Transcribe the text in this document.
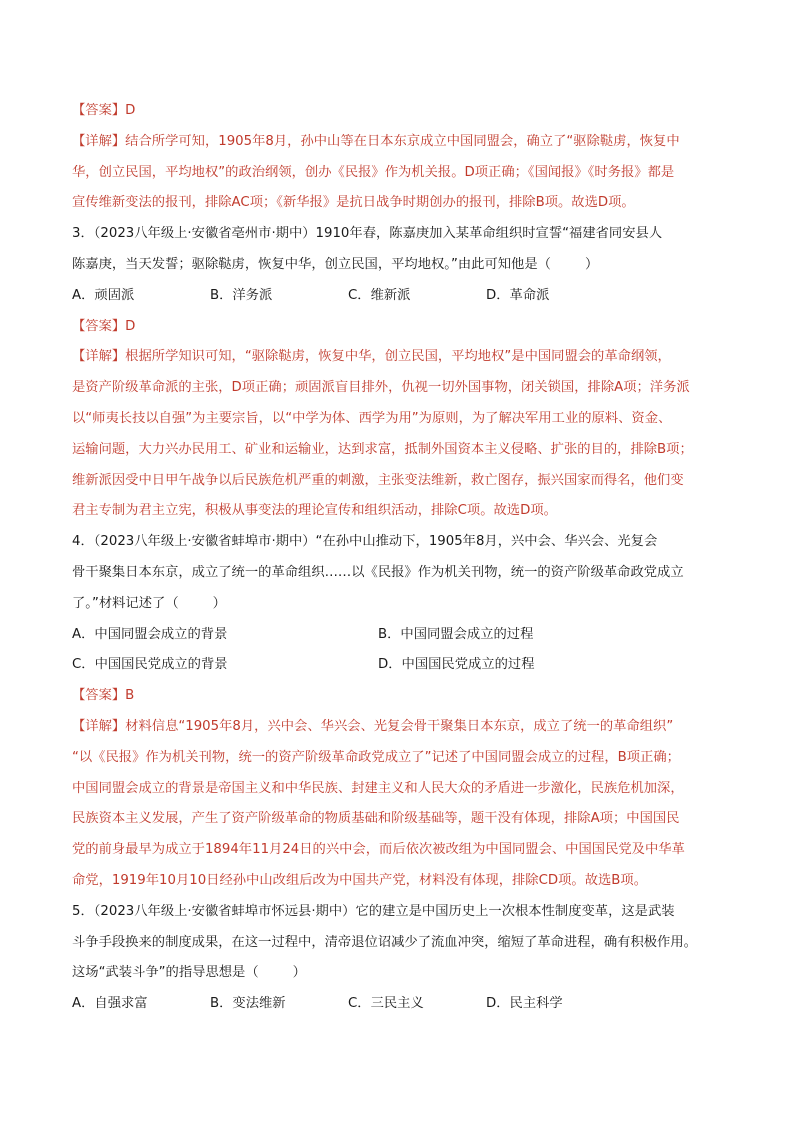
【答案】D
【详解】结合所学可知，1905年8月，孙中山等在日本东京成立中国同盟会，确立了“驱除鞑虏，恢复中
华，创立民国，平均地权”的政治纲领，创办《民报》作为机关报。D项正确；《国闻报》《时务报》都是
宣传维新变法的报刊，排除AC项；《新华报》是抗日战争时期创办的报刊，排除B项。故选D项。
3．（2023八年级上·安徽省亳州市·期中）1910年春，陈嘉庚加入某革命组织时宣誓“福建省同安县人
陈嘉庚，当天发誓；驱除鞑虏，恢复中华，创立民国，平均地权。”由此可知他是（	）
A．顽固派	B．洋务派	C．维新派	D．革命派
【答案】D
【详解】根据所学知识可知，“驱除鞑虏，恢复中华，创立民国，平均地权”是中国同盟会的革命纲领，
是资产阶级革命派的主张，D项正确；顽固派盲目排外，仇视一切外国事物，闭关锁国，排除A项；洋务派
以“师夷长技以自强”为主要宗旨，以“中学为体、西学为用”为原则，为了解决军用工业的原料、资金、
运输问题，大力兴办民用工、矿业和运输业，达到求富，抵制外国资本主义侵略、扩张的目的，排除B项；
维新派因受中日甲午战争以后民族危机严重的刺激，主张变法维新，救亡图存，振兴国家而得名，他们变
君主专制为君主立宪，积极从事变法的理论宣传和组织活动，排除C项。故选D项。
4．（2023八年级上·安徽省蚌埠市·期中）“在孙中山推动下，1905年8月，兴中会、华兴会、光复会
骨干聚集日本东京，成立了统一的革命组织……以《民报》作为机关刊物，统一的资产阶级革命政党成立
了。”材料记述了（	）
A．中国同盟会成立的背景	B．中国同盟会成立的过程
C．中国国民党成立的背景	D．中国国民党成立的过程
【答案】B
【详解】材料信息“1905年8月，兴中会、华兴会、光复会骨干聚集日本东京，成立了统一的革命组织”
“以《民报》作为机关刊物，统一的资产阶级革命政党成立了”记述了中国同盟会成立的过程，B项正确；
中国同盟会成立的背景是帝国主义和中华民族、封建主义和人民大众的矛盾进一步激化，民族危机加深，
民族资本主义发展，产生了资产阶级革命的物质基础和阶级基础等，题干没有体现，排除A项；中国国民
党的前身最早为成立于1894年11月24日的兴中会，而后依次被改组为中国同盟会、中国国民党及中华革
命党，1919年10月10日经孙中山改组后改为中国共产党，材料没有体现，排除CD项。故选B项。
5．（2023八年级上·安徽省蚌埠市怀远县·期中）它的建立是中国历史上一次根本性制度变革，这是武装
斗争手段换来的制度成果，在这一过程中，清帝退位诏减少了流血冲突，缩短了革命进程，确有积极作用。
这场“武装斗争”的指导思想是（	）
A．自强求富	B．变法维新	C．三民主义	D．民主科学
